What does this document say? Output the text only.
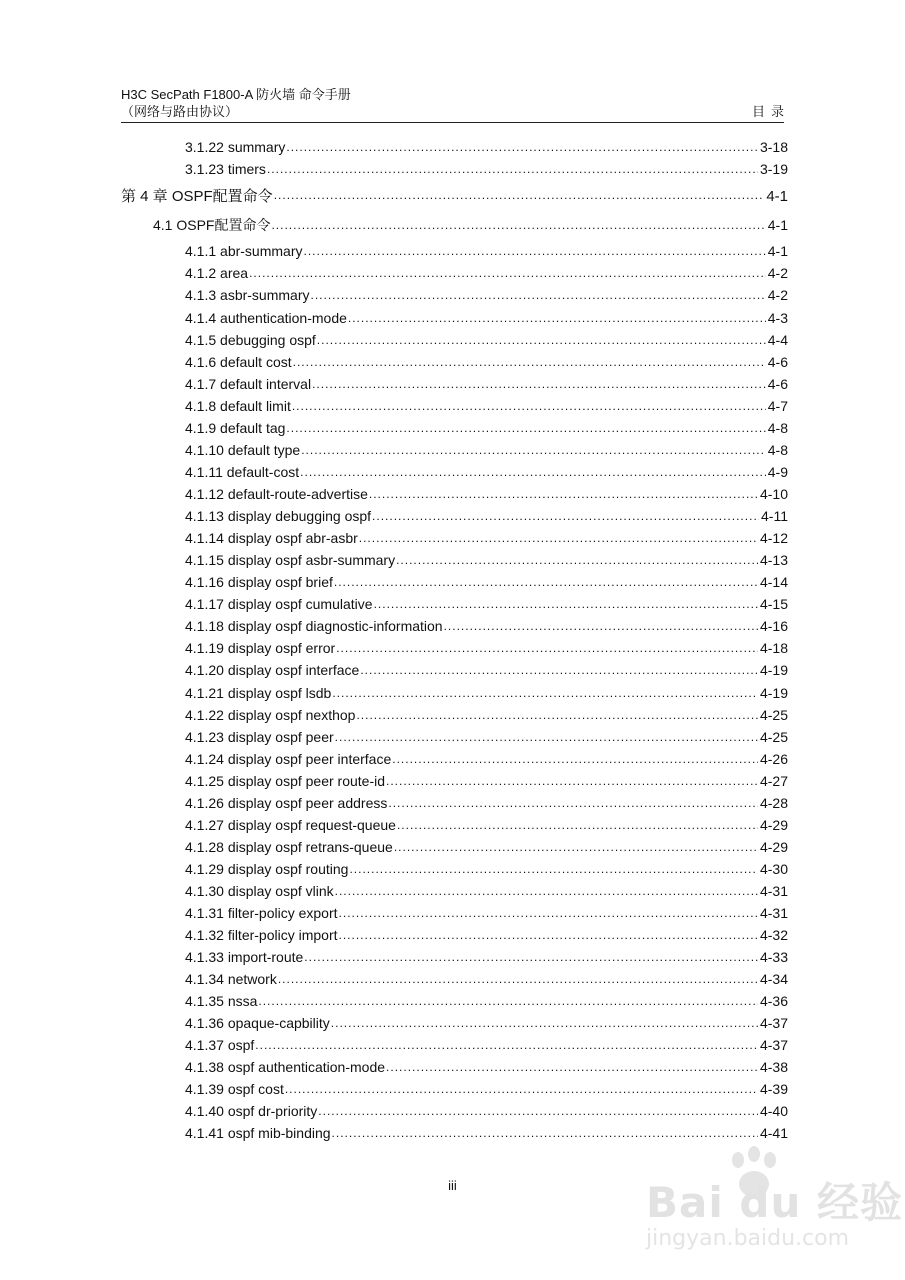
H3C SecPath F1800-A 防火墙 命令手册
（网络与路由协议）	目录
3.1.22 summary .....	3-18
3.1.23 timers .....	3-19
第 4 章 OSPF配置命令 .....	4-1
4.1 OSPF配置命令 .....	4-1
4.1.1 abr-summary .....	4-1
4.1.2 area .....	4-2
4.1.3 asbr-summary .....	4-2
4.1.4 authentication-mode .....	4-3
4.1.5 debugging ospf .....	4-4
4.1.6 default cost .....	4-6
4.1.7 default interval .....	4-6
4.1.8 default limit .....	4-7
4.1.9 default tag .....	4-8
4.1.10 default type .....	4-8
4.1.11 default-cost .....	4-9
4.1.12 default-route-advertise .....	4-10
4.1.13 display debugging ospf .....	4-11
4.1.14 display ospf abr-asbr .....	4-12
4.1.15 display ospf asbr-summary .....	4-13
4.1.16 display ospf brief .....	4-14
4.1.17 display ospf cumulative .....	4-15
4.1.18 display ospf diagnostic-information .....	4-16
4.1.19 display ospf error .....	4-18
4.1.20 display ospf interface .....	4-19
4.1.21 display ospf lsdb .....	4-19
4.1.22 display ospf nexthop .....	4-25
4.1.23 display ospf peer .....	4-25
4.1.24 display ospf peer interface .....	4-26
4.1.25 display ospf peer route-id .....	4-27
4.1.26 display ospf peer address .....	4-28
4.1.27 display ospf request-queue .....	4-29
4.1.28 display ospf retrans-queue .....	4-29
4.1.29 display ospf routing .....	4-30
4.1.30 display ospf vlink .....	4-31
4.1.31 filter-policy export .....	4-31
4.1.32 filter-policy import .....	4-32
4.1.33 import-route .....	4-33
4.1.34 network .....	4-34
4.1.35 nssa .....	4-36
4.1.36 opaque-capbility .....	4-37
4.1.37 ospf .....	4-37
4.1.38 ospf authentication-mode .....	4-38
4.1.39 ospf cost .....	4-39
4.1.40 ospf dr-priority .....	4-40
4.1.41 ospf mib-binding .....	4-41
iii	Bai du 经验
jingyan.baidu.com
